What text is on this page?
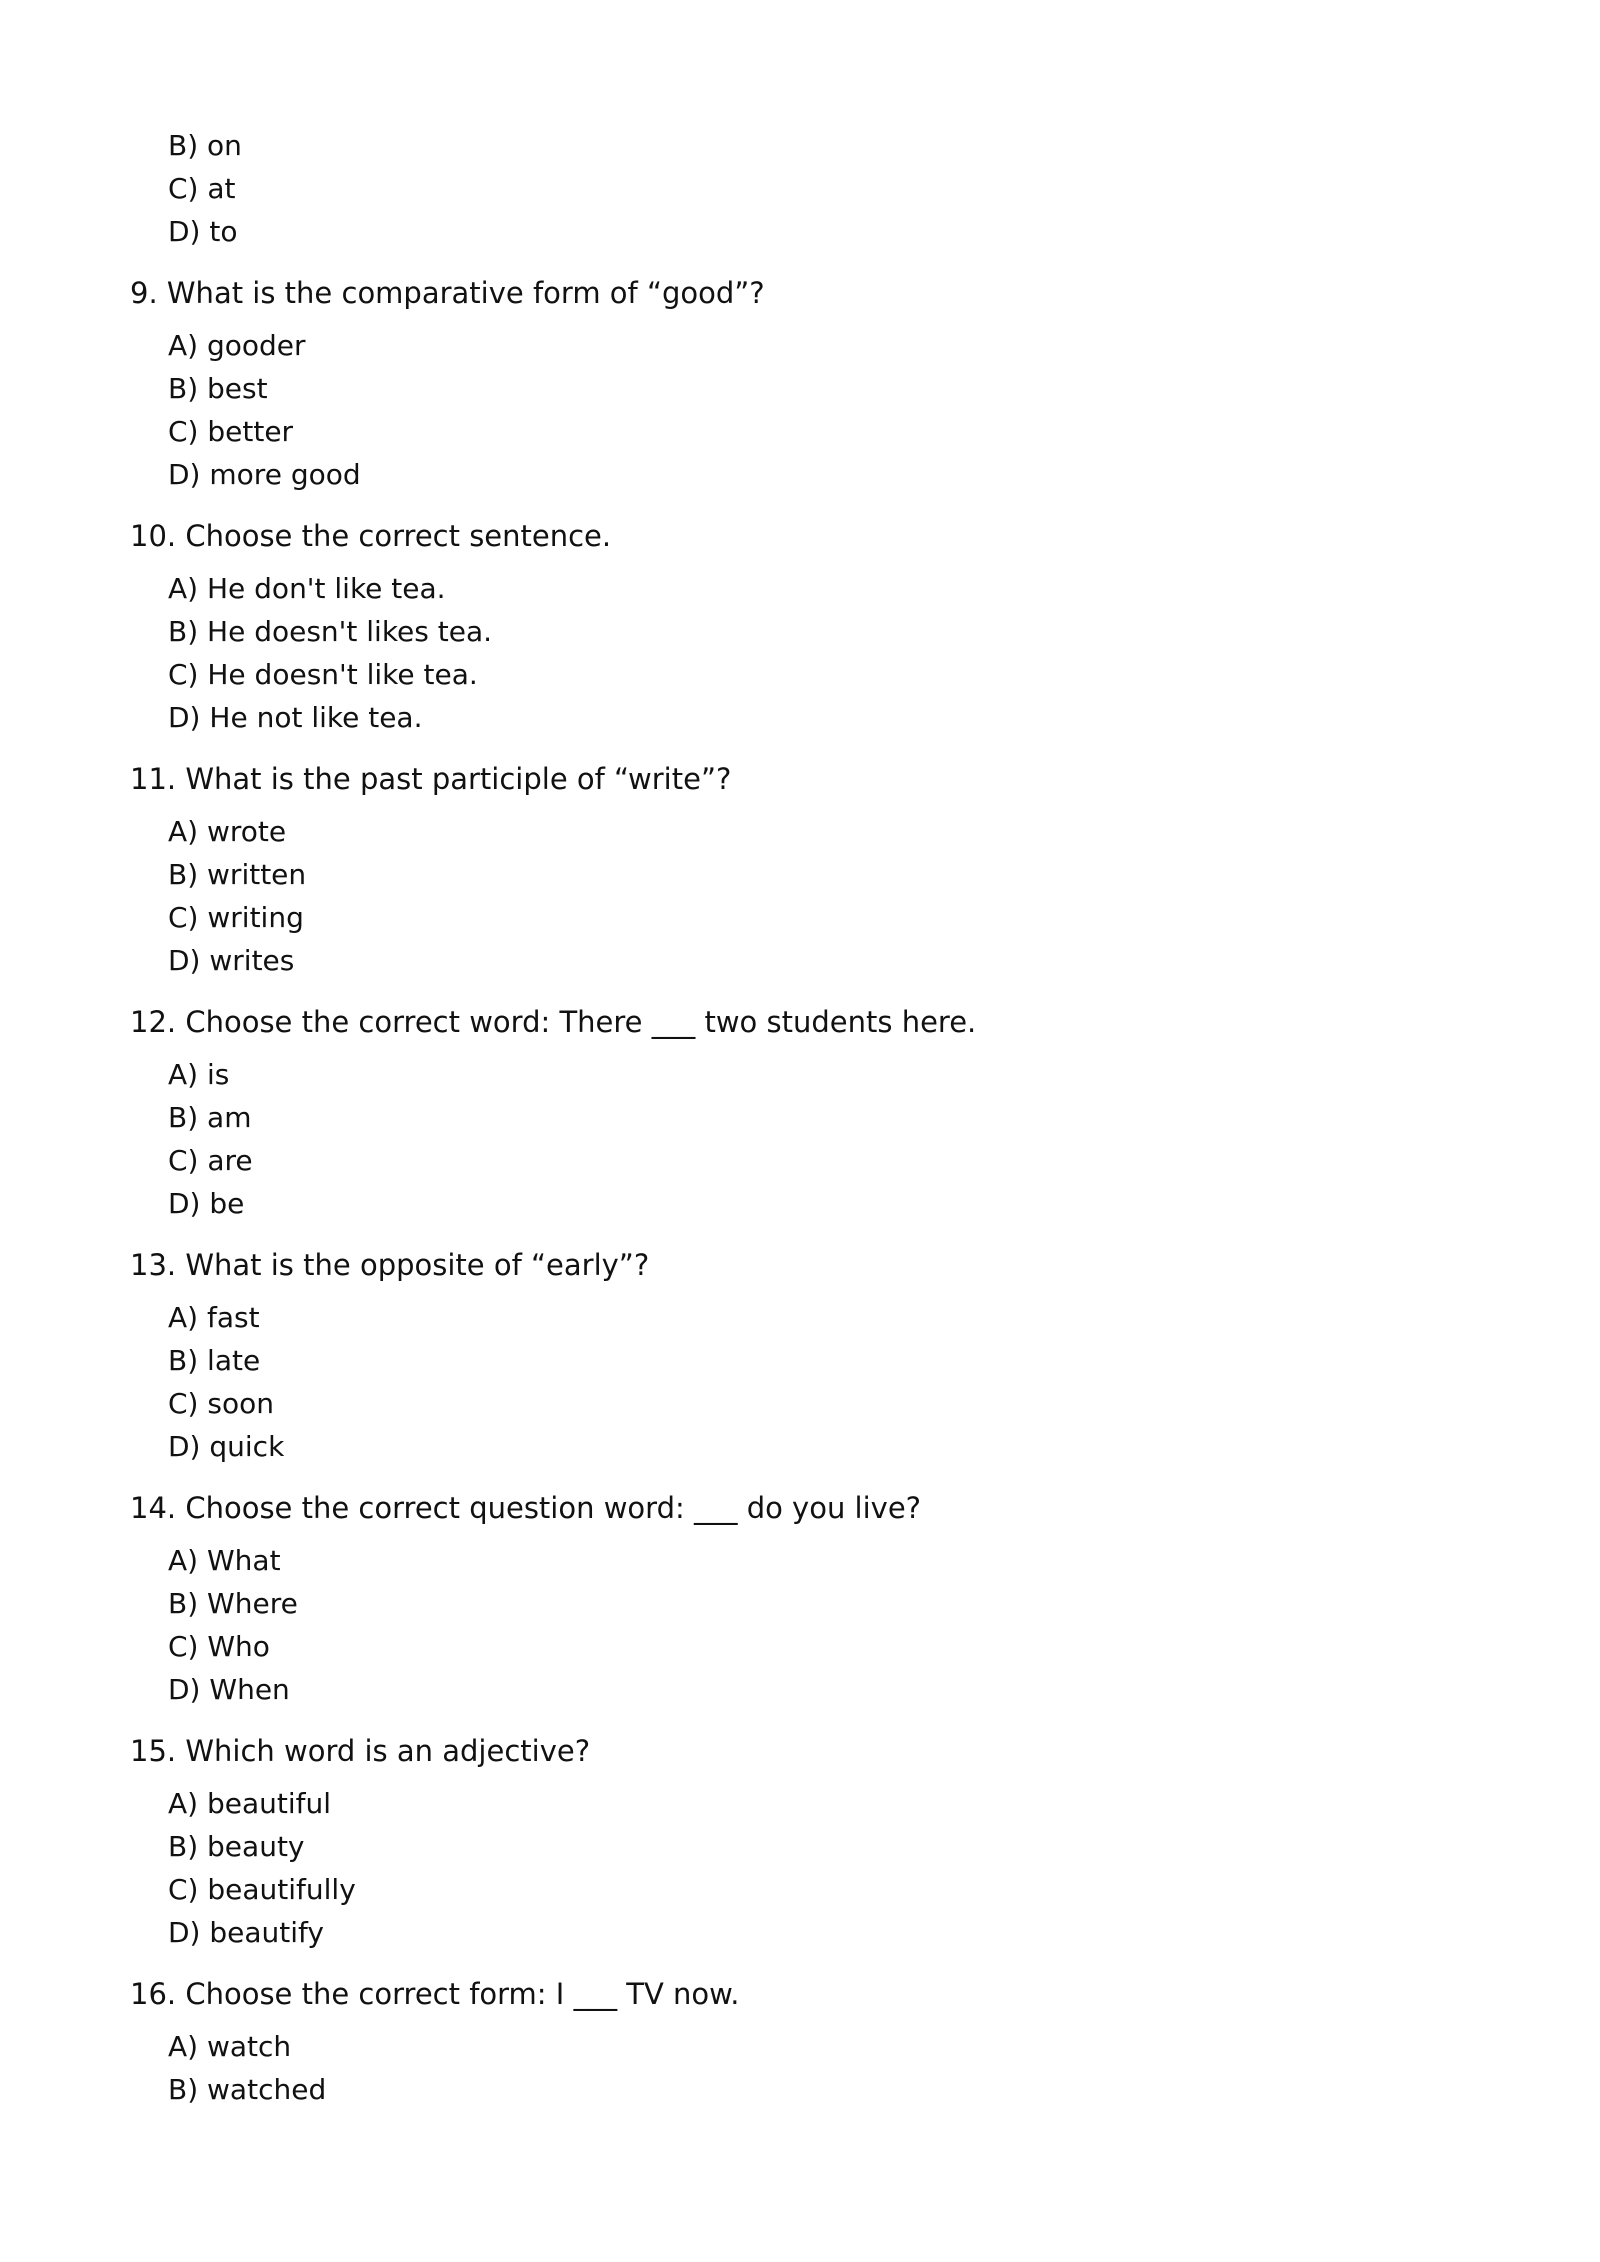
B) on
C) at
D) to
9. What is the comparative form of “good”?
A) gooder
B) best
C) better
D) more good
10. Choose the correct sentence.
A) He don't like tea.
B) He doesn't likes tea.
C) He doesn't like tea.
D) He not like tea.
11. What is the past participle of “write”?
A) wrote
B) written
C) writing
D) writes
12. Choose the correct word: There ___ two students here.
A) is
B) am
C) are
D) be
13. What is the opposite of “early”?
A) fast
B) late
C) soon
D) quick
14. Choose the correct question word: ___ do you live?
A) What
B) Where
C) Who
D) When
15. Which word is an adjective?
A) beautiful
B) beauty
C) beautifully
D) beautify
16. Choose the correct form: I ___ TV now.
A) watch
B) watched
